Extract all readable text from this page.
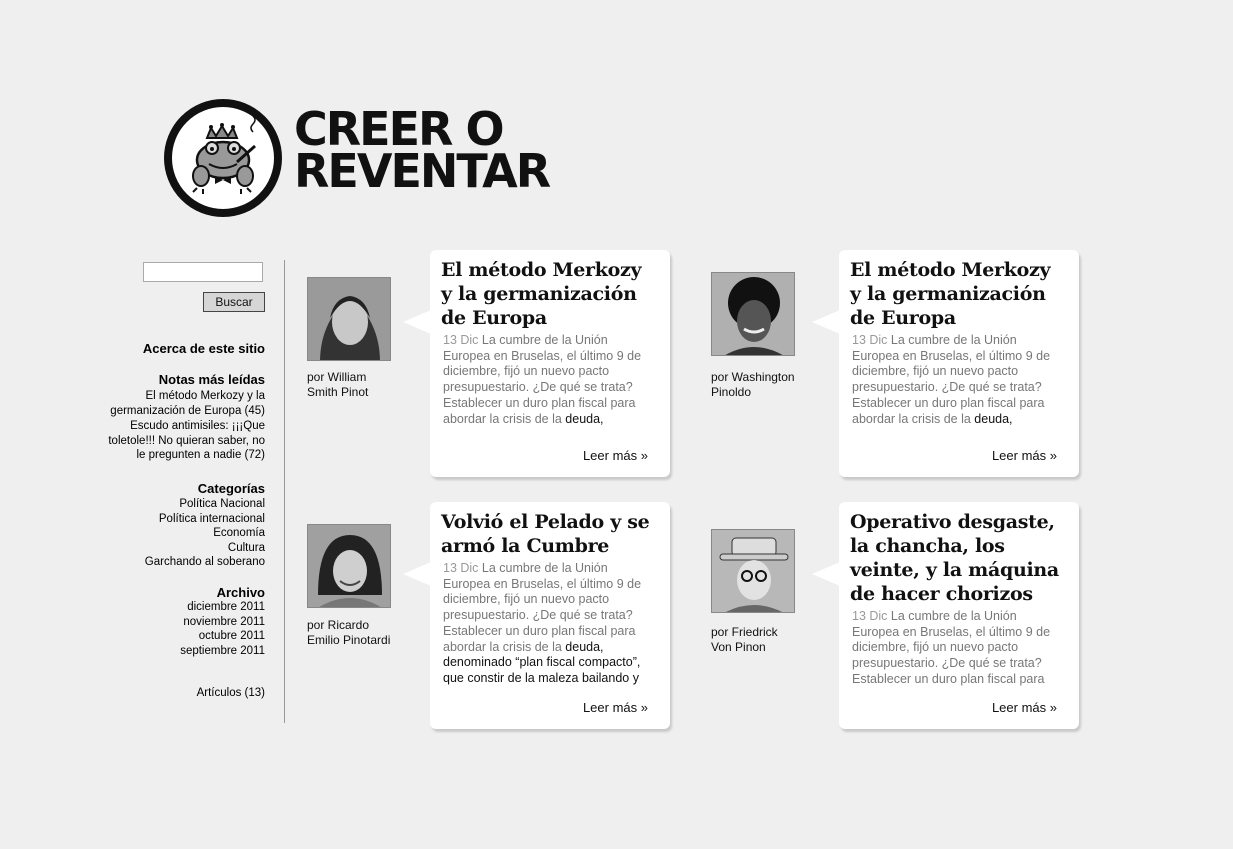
CREER O
REVENTAR
Buscar
Acerca de este sitio
Notas más leídas
El método Merkozy y la
germanización de Europa (45)
Escudo antimisiles: ¡¡¡Que
toletole!!! No quieran saber, no
le pregunten a nadie (72)
Categorías
Política Nacional
Política internacional
Economía
Cultura
Garchando al soberano
Archivo
diciembre 2011
noviembre 2011
octubre 2011
septiembre 2011
Artículos (13)
por William
Smith Pinot
El método Merkozy y la germanización de Europa
13 Dic La cumbre de la Unión Europea en Bruselas, el último 9 de diciembre, fijó un nuevo pacto presupuestario. ¿De qué se trata? Establecer un duro plan fiscal para abordar la crisis de la deuda,
Leer más »
por Washington
Pinoldo
El método Merkozy y la germanización de Europa
13 Dic La cumbre de la Unión Europea en Bruselas, el último 9 de diciembre, fijó un nuevo pacto presupuestario. ¿De qué se trata? Establecer un duro plan fiscal para abordar la crisis de la deuda,
Leer más »
por Ricardo
Emilio Pinotardi
Volvió el Pelado y se armó la Cumbre
13 Dic La cumbre de la Unión Europea en Bruselas, el último 9 de diciembre, fijó un nuevo pacto presupuestario. ¿De qué se trata? Establecer un duro plan fiscal para abordar la crisis de la deuda, denominado “plan fiscal compacto”, que constir de la maleza bailando y
Leer más »
por Friedrick
Von Pinon
Operativo desgaste, la chancha, los veinte, y la máquina de hacer chorizos
13 Dic La cumbre de la Unión Europea en Bruselas, el último 9 de diciembre, fijó un nuevo pacto presupuestario. ¿De qué se trata? Establecer un duro plan fiscal para
Leer más »
